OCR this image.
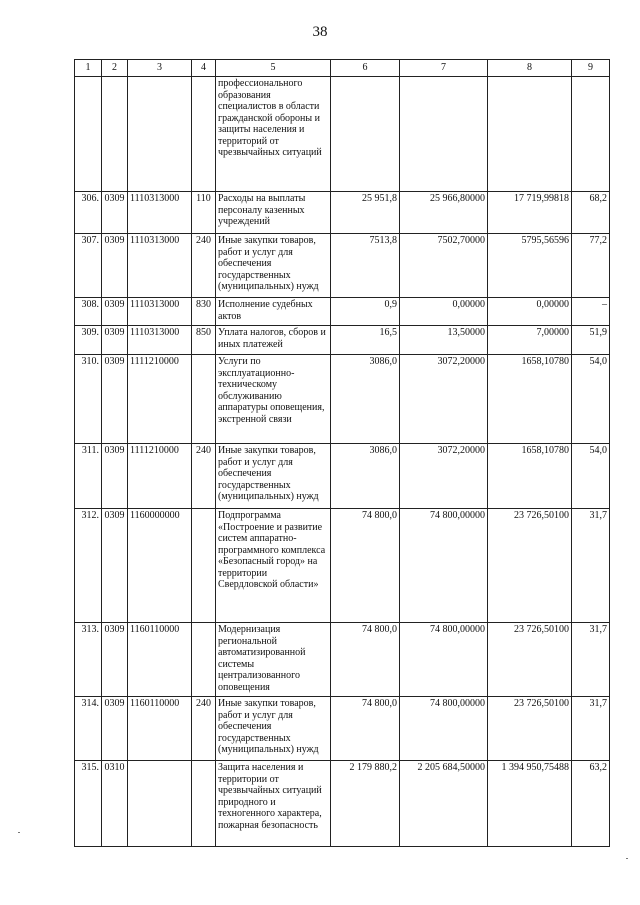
38
1	2	3	4	5	6	7	8	9
				профессионального образования специалистов в области гражданской обороны и защиты населения и территорий от чрезвычайных ситуаций				
306.	0309	1110313000	110	Расходы на выплаты персоналу казенных учреждений	25 951,8	25 966,80000	17 719,99818	68,2
307.	0309	1110313000	240	Иные закупки товаров, работ и услуг для обеспечения государственных (муниципальных) нужд	7513,8	7502,70000	5795,56596	77,2
308.	0309	1110313000	830	Исполнение судебных актов	0,9	0,00000	0,00000	–
309.	0309	1110313000	850	Уплата налогов, сборов и иных платежей	16,5	13,50000	7,00000	51,9
310.	0309	1111210000		Услуги по эксплуатационно-техническому обслуживанию аппаратуры оповещения, экстренной связи	3086,0	3072,20000	1658,10780	54,0
311.	0309	1111210000	240	Иные закупки товаров, работ и услуг для обеспечения государственных (муниципальных) нужд	3086,0	3072,20000	1658,10780	54,0
312.	0309	1160000000		Подпрограмма «Построение и развитие систем аппаратно-программного комплекса «Безопасный город» на территории Свердловской области»	74 800,0	74 800,00000	23 726,50100	31,7
313.	0309	1160110000		Модернизация региональной автоматизированной системы централизованного оповещения	74 800,0	74 800,00000	23 726,50100	31,7
314.	0309	1160110000	240	Иные закупки товаров, работ и услуг для обеспечения государственных (муниципальных) нужд	74 800,0	74 800,00000	23 726,50100	31,7
315.	0310			Защита населения и территории от чрезвычайных ситуаций природного и техногенного характера, пожарная безопасность	2 179 880,2	2 205 684,50000	1 394 950,75488	63,2
